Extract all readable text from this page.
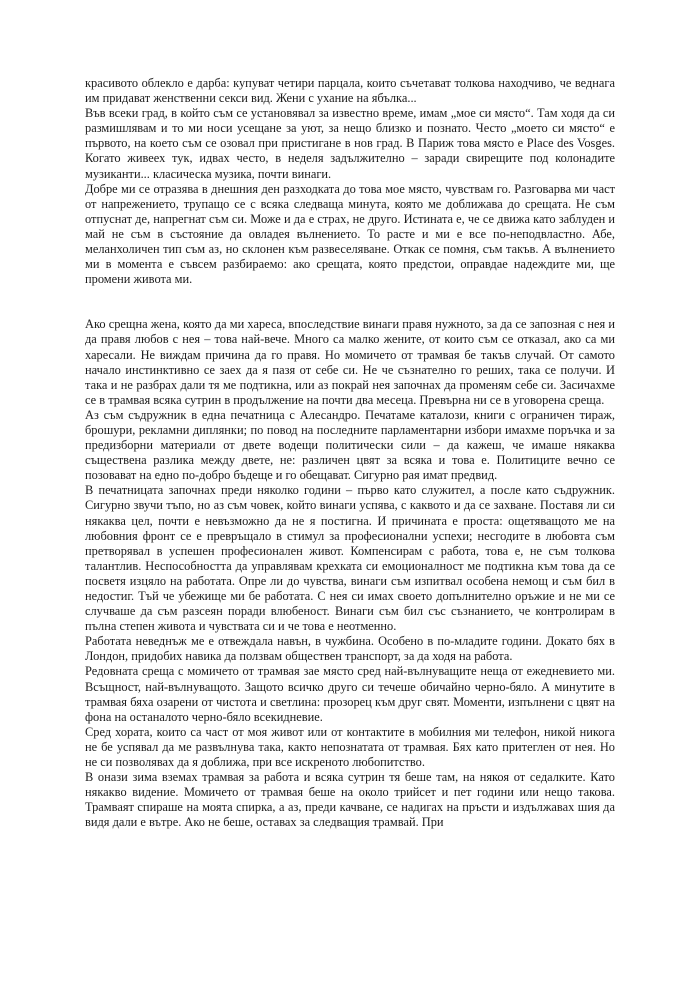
красивото облекло е дарба: купуват четири парцала, които съчетават толкова находчиво, че веднага им придават женственни секси вид. Жени с ухание на ябълка...

Във всеки град, в който съм се установявал за известно време, имам „мое си място“. Там ходя да си размишлявам и то ми носи усещане за уют, за нещо близко и познато. Често „моето си място“ е първото, на което съм се озовал при пристигане в нов град. В Париж това място е Place des Vosges. Когато живеех тук, идвах често, в неделя задължително – заради свирещите под колонадите музиканти... класическа музика, почти винаги.

Добре ми се отразява в днешния ден разходката до това мое място, чувствам го. Разговарва ми част от напрежението, трупащо се с всяка следваща минута, която ме доближава до срещата. Не съм отпуснат де, напрегнат съм си. Може и да е страх, не друго. Истината е, че се движа като заблуден и май не съм в състояние да овладея вълнението. То расте и ми е все по-неподвластно. Абе, меланхоличен тип съм аз, но склонен към развеселяване. Откак се помня, съм такъв. А вълнението ми в момента е съвсем разбираемо: ако срещата, която предстои, оправдае надеждите ми, ще промени живота ми.

Ако срещна жена, която да ми хареса, впоследствие винаги правя нужното, за да се запозная с нея и да правя любов с нея – това най-вече. Много са малко жените, от които съм се отказал, ако са ми харесали. Не виждам причина да го правя. Но момичето от трамвая бе такъв случай. От самото начало инстинктивно се заех да я пазя от себе си. Не че съзнателно го реших, така се получи. И така и не разбрах дали тя ме подтикна, или аз покрай нея започнах да променям себе си. Засичахме се в трамвая всяка сутрин в продължение на почти два месеца. Превърна ни се в уговорена среща.

Аз съм съдружник в една печатница с Алесандро. Печатаме каталози, книги с ограничен тираж, брошури, рекламни диплянки; по повод на последните парламентарни избори имахме поръчка и за предизборни материали от двете водещи политически сили – да кажеш, че имаше някаква съществена разлика между двете, не: различен цвят за всяка и това е. Политиците вечно се позовават на едно по-добро бъдеще и го обещават. Сигурно рая имат предвид.

В печатницата започнах преди няколко години – първо като служител, а после като съдружник. Сигурно звучи тъпо, но аз съм човек, който винаги успява, с каквото и да се захване. Поставя ли си някаква цел, почти е невъзможно да не я постигна. И причината е проста: ощетяващото ме на любовния фронт се е превръщало в стимул за професионални успехи; несгодите в любовта съм претворявал в успешен професионален живот. Компенсирам с работа, това е, не съм толкова талантлив. Неспособността да управлявам крехката си емоционалност ме подтикна към това да се посветя изцяло на работата. Опре ли до чувства, винаги съм изпитвал особена немощ и съм бил в недостиг. Тъй че убежище ми бе работата. С нея си имах своето допълнително оръжие и не ми се случваше да съм разсеян поради влюбеност. Винаги съм бил със съзнанието, че контролирам в пълна степен живота и чувствата си и че това е неотменно.

Работата неведнъж ме е отвеждала навън, в чужбина. Особено в по-младите години. Докато бях в Лондон, придобих навика да ползвам обществен транспорт, за да ходя на работа.

Редовната среща с момичето от трамвая зае място сред най-вълнуващите неща от ежедневието ми. Всъщност, най-вълнуващото. Защото всичко друго си течеше обичайно черно-бяло. А минутите в трамвая бяха озарени от чистота и светлина: прозорец към друг свят. Моменти, изпълнени с цвят на фона на останалото черно-бяло всекидневие.

Сред хората, които са част от моя живот или от контактите в мобилния ми телефон, никой никога не бе успявал да ме развълнува така, както непознатата от трамвая. Бях като притеглен от нея. Но не си позволявах да я доближа, при все искреното любопитство.

В онази зима вземах трамвая за работа и всяка сутрин тя беше там, на някоя от седалките. Като някакво видение. Момичето от трамвая беше на около трийсет и пет години или нещо такова. Трамваят спираше на моята спирка, а аз, преди качване, се надигах на пръсти и издължавах шия да видя дали е вътре. Ако не беше, оставах за следващия трамвай. При
